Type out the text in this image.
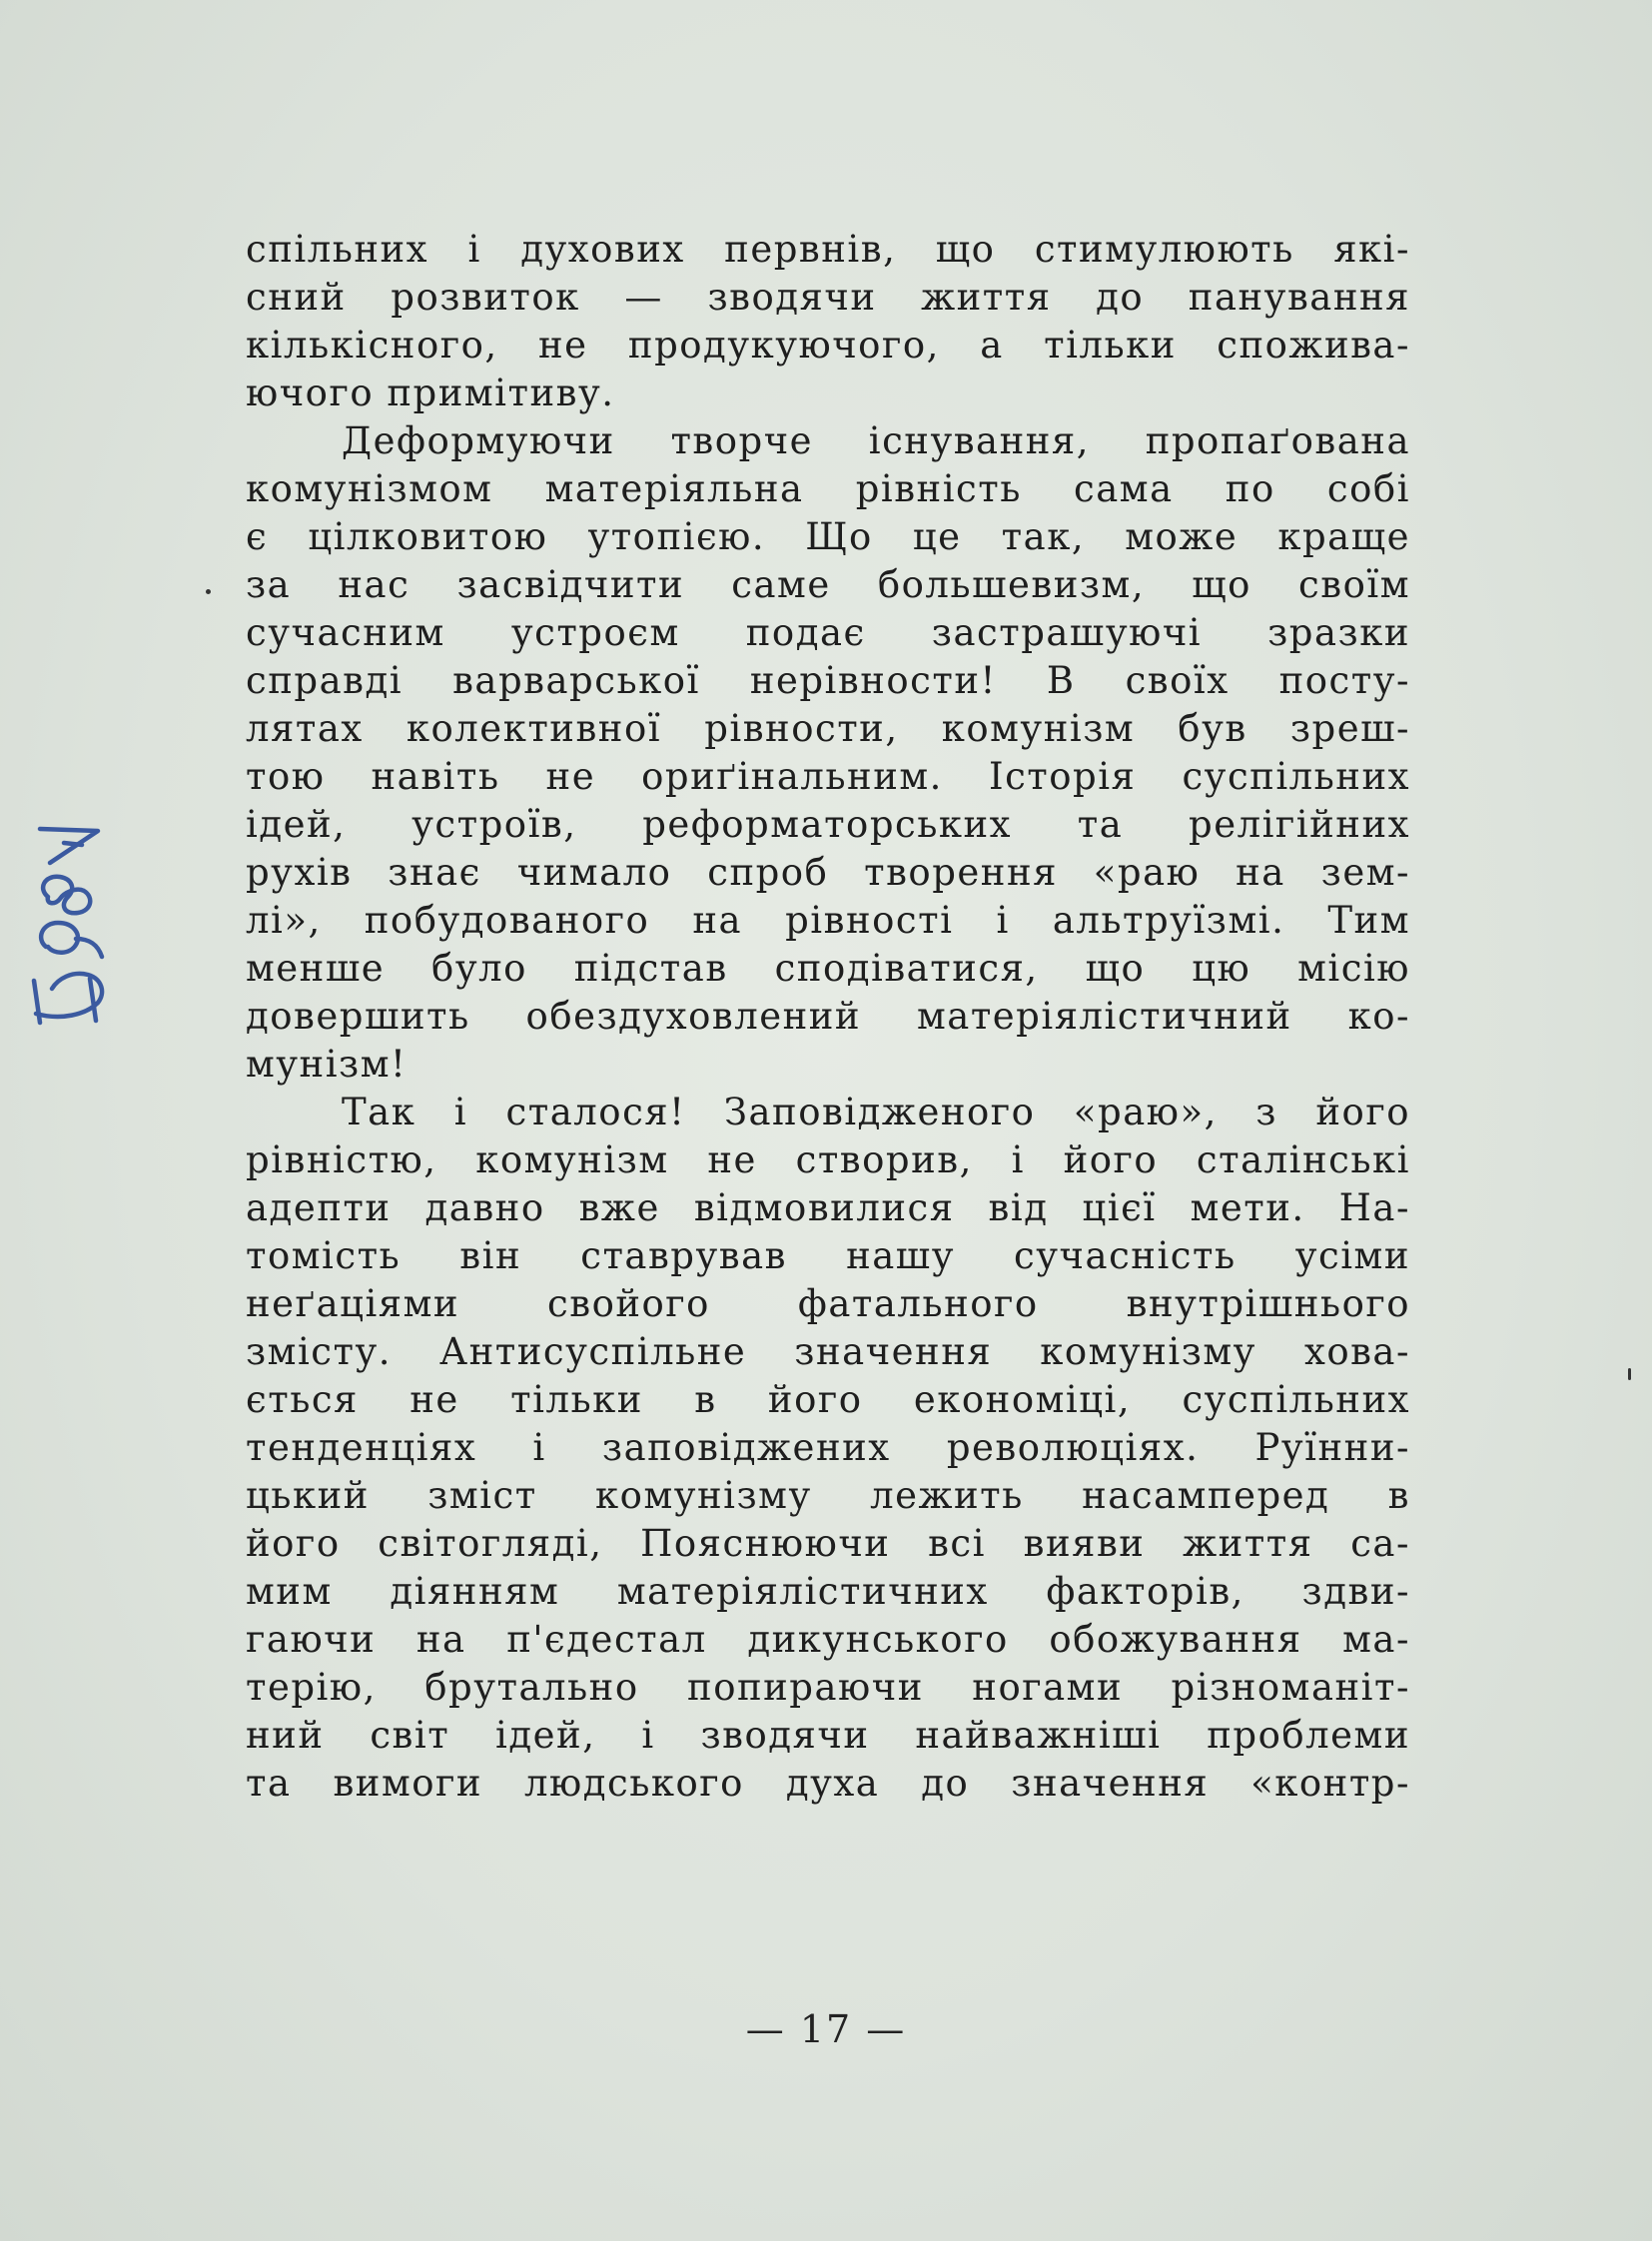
спільних і духових первнів, що стимулюють які-
сний розвиток — зводячи життя до панування
кількісного, не продукуючого, а тільки спожива-
ючого примітиву.
Деформуючи творче існування, пропаґована
комунізмом матеріяльна рівність сама по собі
є цілковитою утопією. Що це так, може краще
за нас засвідчити саме большевизм, що своїм
сучасним устроєм подає застрашуючі зразки
справді варварської нерівности! В своїх посту-
лятах колективної рівности, комунізм був зреш-
тою навіть не ориґінальним. Історія суспільних
ідей, устроїв, реформаторських та релігійних
рухів знає чимало спроб творення «раю на зем-
лі», побудованого на рівності і альтруїзмі. Тим
менше було підстав сподіватися, що цю місію
довершить обездуховлений матеріялістичний ко-
мунізм!
Так і сталося! Заповідженого «раю», з його
рівністю, комунізм не створив, і його сталінські
адепти давно вже відмовилися від цієї мети. На-
томість він ставрував нашу сучасність усіми
неґаціями свойого фатального внутрішнього
змісту. Антисуспільне значення комунізму хова-
ється не тільки в його економіці, суспільних
тенденціях і заповіджених революціях. Руїнни-
цький зміст комунізму лежить насамперед в
його світогляді, Пояснюючи всі вияви життя са-
мим діянням матеріялістичних факторів, здви-
гаючи на п'єдестал дикунського обожування ма-
терію, брутально попираючи ногами різноманіт-
ний світ ідей, і зводячи найважніші проблеми
та вимоги людського духа до значення «контр-
— 17 —
